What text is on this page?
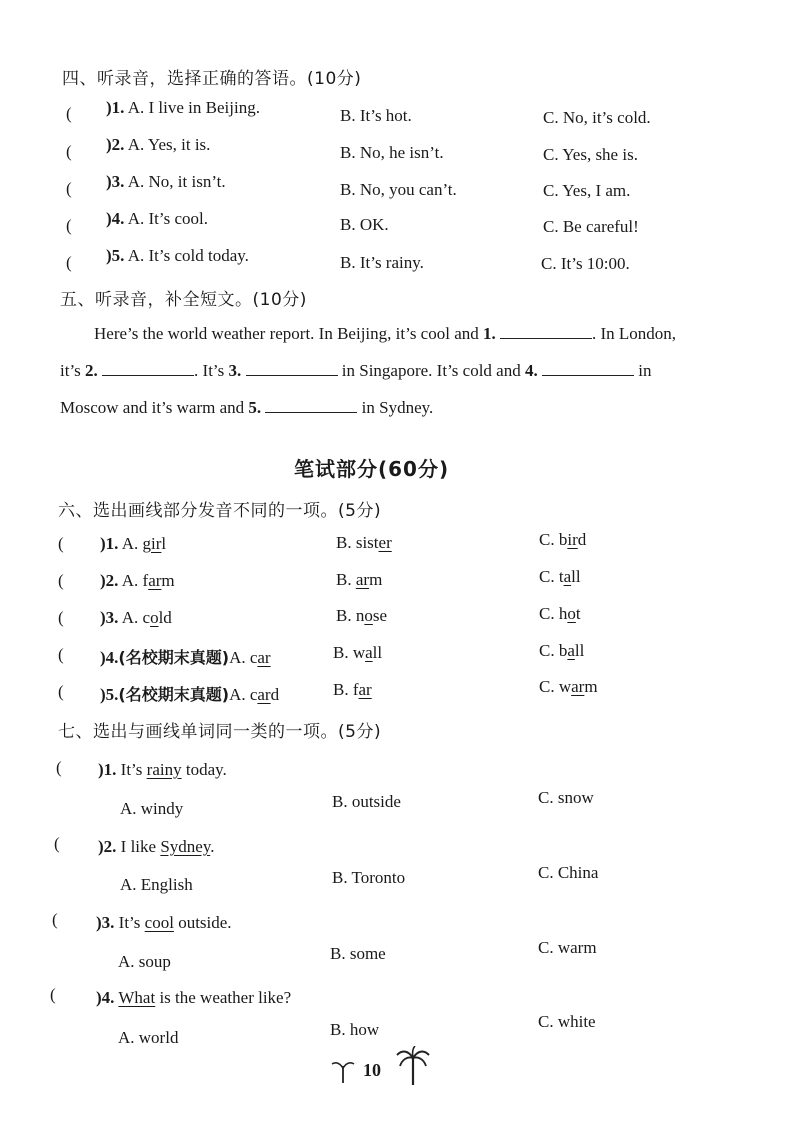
四、听录音，选择正确的答语。(10分)
( )1. A. I live in Beijing.	B. It’s hot.	C. No, it’s cold.
( )2. A. Yes, it is.	B. No, he isn’t.	C. Yes, she is.
( )3. A. No, it isn’t.	B. No, you can’t.	C. Yes, I am.
( )4. A. It’s cool.	B. OK.	C. Be careful!
( )5. A. It’s cold today.	B. It’s rainy.	C. It’s 10:00.
五、听录音，补全短文。(10分)
Here’s the world weather report. In Beijing, it’s cool and 1.	. In London,
it’s 2.	. It’s 3.	in Singapore. It’s cold and 4.	in
Moscow and it’s warm and 5.	in Sydney.
笔试部分(60分)
六、选出画线部分发音不同的一项。(5分)
( )1. A. girl	B. sister	C. bird
( )2. A. farm	B. arm	C. tall
( )3. A. cold	B. nose	C. hot
( )4.(名校期末真题)A. car	B. wall	C. ball
( )5.(名校期末真题)A. card	B. far	C. warm
七、选出与画线单词同一类的一项。(5分)
( )1. It’s rainy today.
A. windy	B. outside	C. snow
( )2. I like Sydney.
A. English	B. Toronto	C. China
( )3. It’s cool outside.
A. soup	B. some	C. warm
( )4. What is the weather like?
A. world	B. how	C. white
10
